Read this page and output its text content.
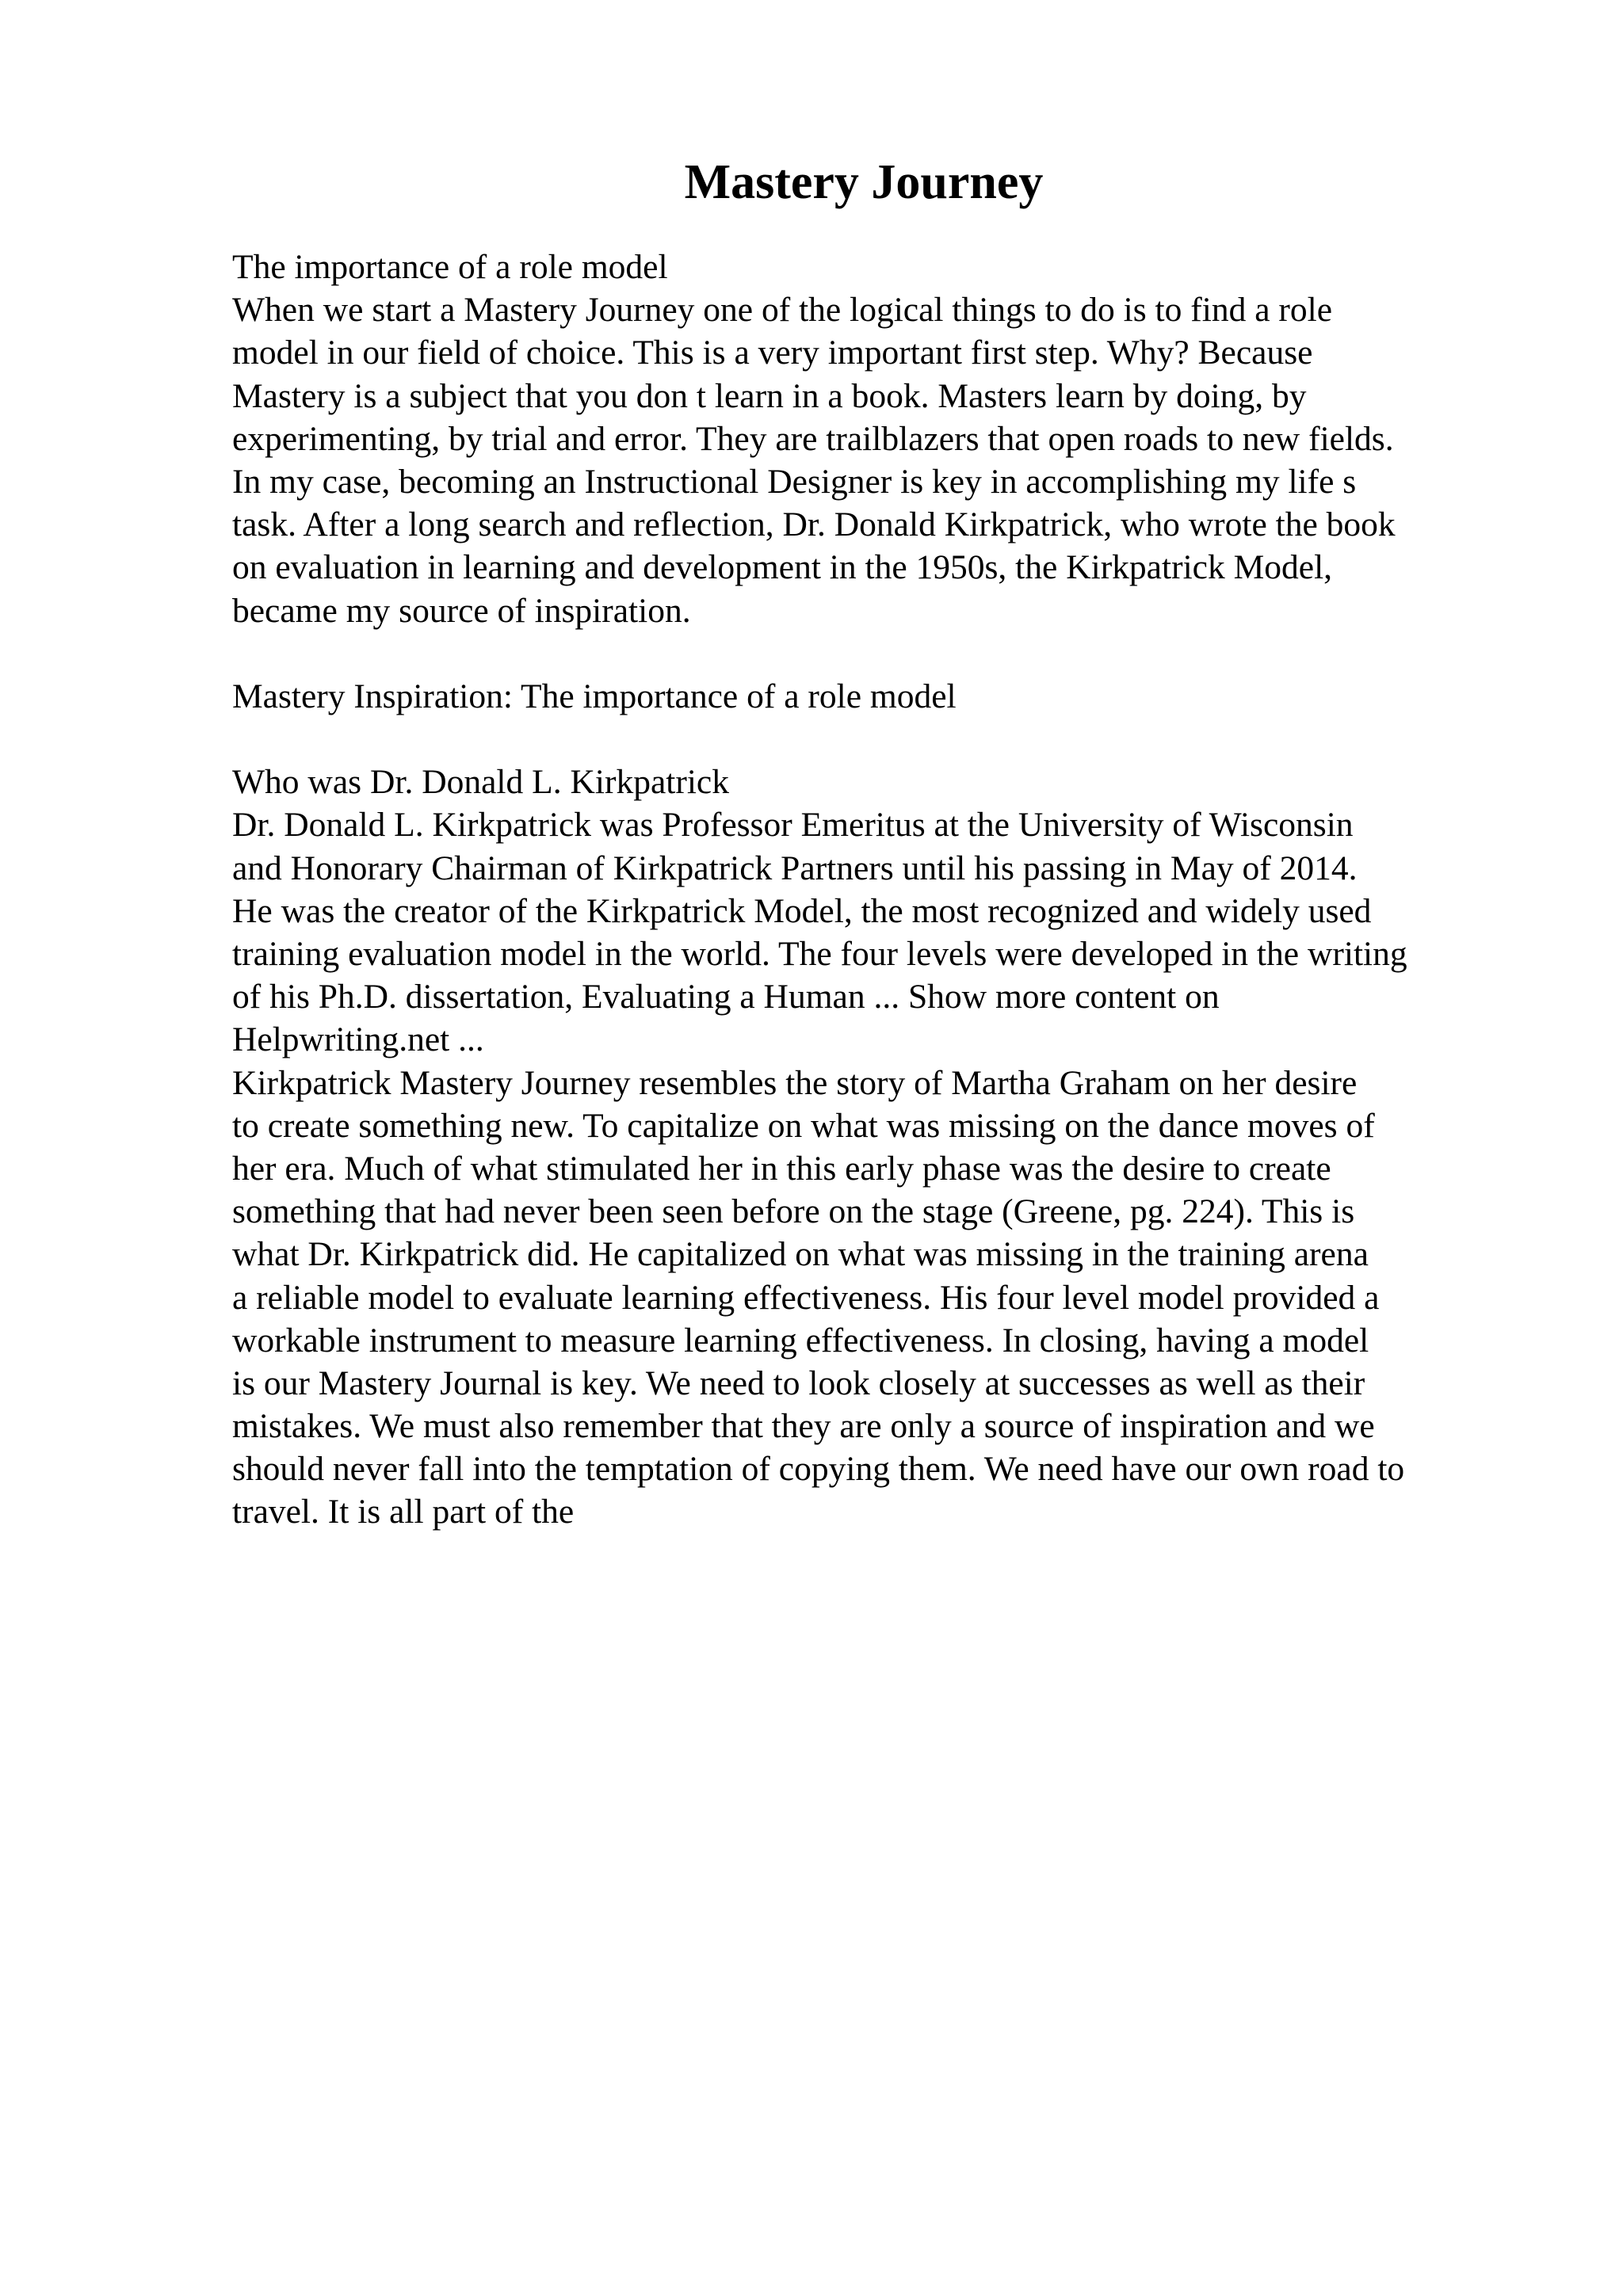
Mastery Journey
The importance of a role model
When we start a Mastery Journey one of the logical things to do is to find a role
model in our field of choice. This is a very important first step. Why? Because
Mastery is a subject that you don t learn in a book. Masters learn by doing, by
experimenting, by trial and error. They are trailblazers that open roads to new fields.
In my case, becoming an Instructional Designer is key in accomplishing my life s
task. After a long search and reflection, Dr. Donald Kirkpatrick, who wrote the book
on evaluation in learning and development in the 1950s, the Kirkpatrick Model,
became my source of inspiration.
Mastery Inspiration: The importance of a role model
Who was Dr. Donald L. Kirkpatrick
Dr. Donald L. Kirkpatrick was Professor Emeritus at the University of Wisconsin
and Honorary Chairman of Kirkpatrick Partners until his passing in May of 2014.
He was the creator of the Kirkpatrick Model, the most recognized and widely used
training evaluation model in the world. The four levels were developed in the writing
of his Ph.D. dissertation, Evaluating a Human ... Show more content on
Helpwriting.net ...
Kirkpatrick Mastery Journey resembles the story of Martha Graham on her desire
to create something new. To capitalize on what was missing on the dance moves of
her era. Much of what stimulated her in this early phase was the desire to create
something that had never been seen before on the stage (Greene, pg. 224). This is
what Dr. Kirkpatrick did. He capitalized on what was missing in the training arena
a reliable model to evaluate learning effectiveness. His four level model provided a
workable instrument to measure learning effectiveness. In closing, having a model
is our Mastery Journal is key. We need to look closely at successes as well as their
mistakes. We must also remember that they are only a source of inspiration and we
should never fall into the temptation of copying them. We need have our own road to
travel. It is all part of the
